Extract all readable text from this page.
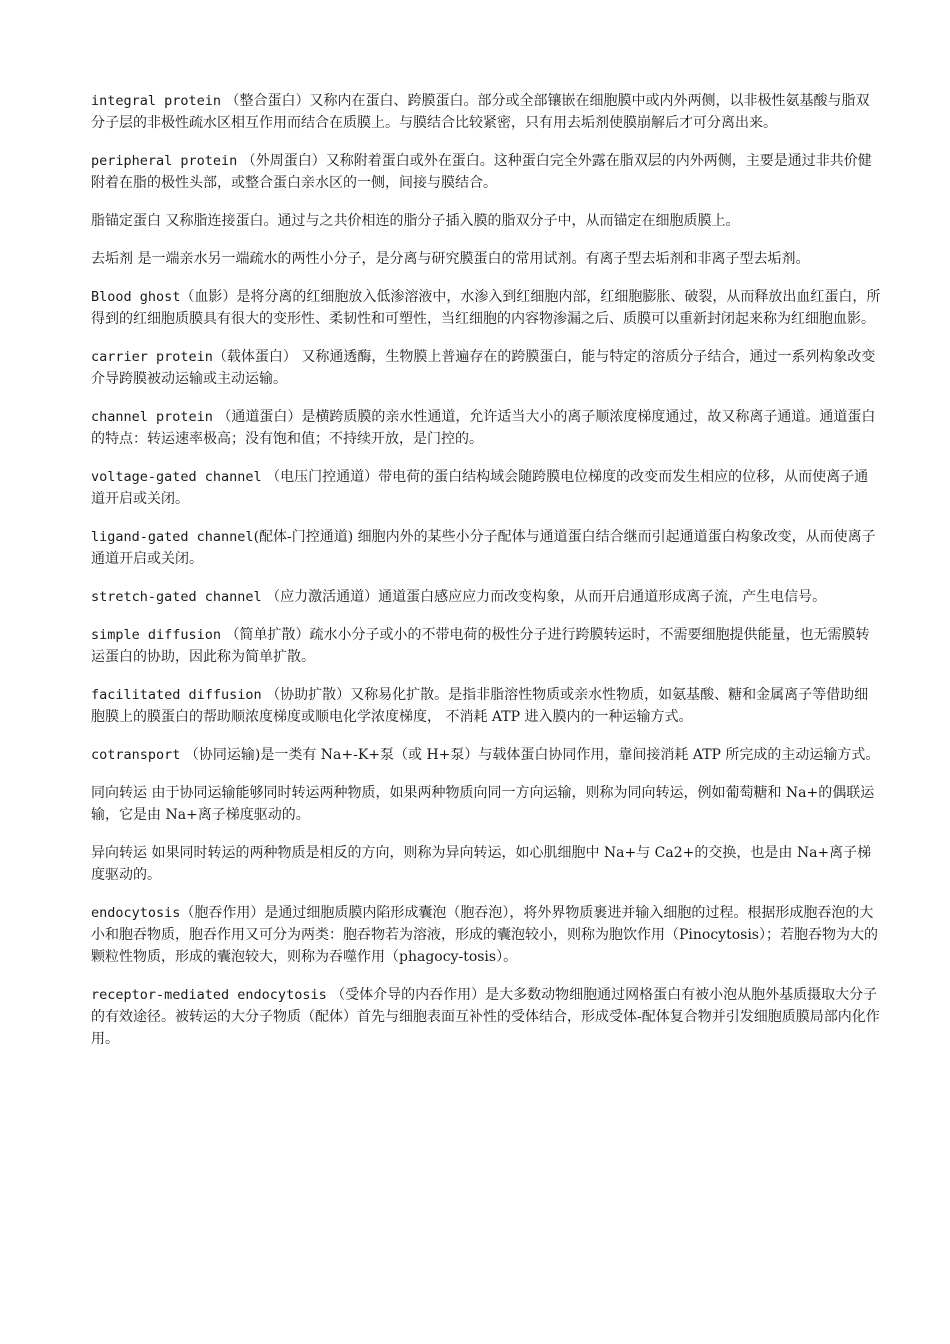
integral protein （整合蛋白）又称内在蛋白、跨膜蛋白。部分或全部镶嵌在细胞膜中或内外两侧，以非极性氨基酸与脂双分子层的非极性疏水区相互作用而结合在质膜上。与膜结合比较紧密，只有用去垢剂使膜崩解后才可分离出来。

peripheral protein （外周蛋白）又称附着蛋白或外在蛋白。这种蛋白完全外露在脂双层的内外两侧，主要是通过非共价健附着在脂的极性头部，或整合蛋白亲水区的一侧，间接与膜结合。

脂锚定蛋白 又称脂连接蛋白。通过与之共价相连的脂分子插入膜的脂双分子中，从而锚定在细胞质膜上。

去垢剂 是一端亲水另一端疏水的两性小分子，是分离与研究膜蛋白的常用试剂。有离子型去垢剂和非离子型去垢剂。

Blood ghost（血影）是将分离的红细胞放入低渗溶液中，水渗入到红细胞内部，红细胞膨胀、破裂，从而释放出血红蛋白，所得到的红细胞质膜具有很大的变形性、柔韧性和可塑性，当红细胞的内容物渗漏之后、质膜可以重新封闭起来称为红细胞血影。

carrier protein（载体蛋白） 又称通透酶，生物膜上普遍存在的跨膜蛋白，能与特定的溶质分子结合，通过一系列构象改变介导跨膜被动运输或主动运输。

channel protein （通道蛋白）是横跨质膜的亲水性通道，允许适当大小的离子顺浓度梯度通过，故又称离子通道。通道蛋白的特点：转运速率极高；没有饱和值；不持续开放，是门控的。

voltage-gated channel （电压门控通道）带电荷的蛋白结构域会随跨膜电位梯度的改变而发生相应的位移，从而使离子通道开启或关闭。

ligand-gated channel(配体-门控通道) 细胞内外的某些小分子配体与通道蛋白结合继而引起通道蛋白构象改变，从而使离子通道开启或关闭。

stretch-gated channel （应力激活通道）通道蛋白感应应力而改变构象，从而开启通道形成离子流，产生电信号。

simple diffusion （简单扩散）疏水小分子或小的不带电荷的极性分子进行跨膜转运时，不需要细胞提供能量，也无需膜转运蛋白的协助，因此称为简单扩散。

facilitated diffusion （协助扩散）又称易化扩散。是指非脂溶性物质或亲水性物质，如氨基酸、糖和金属离子等借助细胞膜上的膜蛋白的帮助顺浓度梯度或顺电化学浓度梯度， 不消耗 ATP 进入膜内的一种运输方式。

cotransport （协同运输)是一类有 Na+-K+泵（或 H+泵）与载体蛋白协同作用，靠间接消耗 ATP 所完成的主动运输方式。

同向转运 由于协同运输能够同时转运两种物质，如果两种物质向同一方向运输，则称为同向转运，例如葡萄糖和 Na+的偶联运输，它是由 Na+离子梯度驱动的。

异向转运 如果同时转运的两种物质是相反的方向，则称为异向转运，如心肌细胞中 Na+与 Ca2+的交换，也是由 Na+离子梯度驱动的。

endocytosis（胞吞作用）是通过细胞质膜内陷形成囊泡（胞吞泡），将外界物质裹进并输入细胞的过程。根据形成胞吞泡的大小和胞吞物质，胞吞作用又可分为两类：胞吞物若为溶液，形成的囊泡较小，则称为胞饮作用（Pinocytosis）；若胞吞物为大的颗粒性物质，形成的囊泡较大，则称为吞噬作用（phagocy-tosis）。

receptor-mediated endocytosis （受体介导的内吞作用）是大多数动物细胞通过网格蛋白有被小泡从胞外基质摄取大分子的有效途径。被转运的大分子物质（配体）首先与细胞表面互补性的受体结合，形成受体-配体复合物并引发细胞质膜局部内化作用。
